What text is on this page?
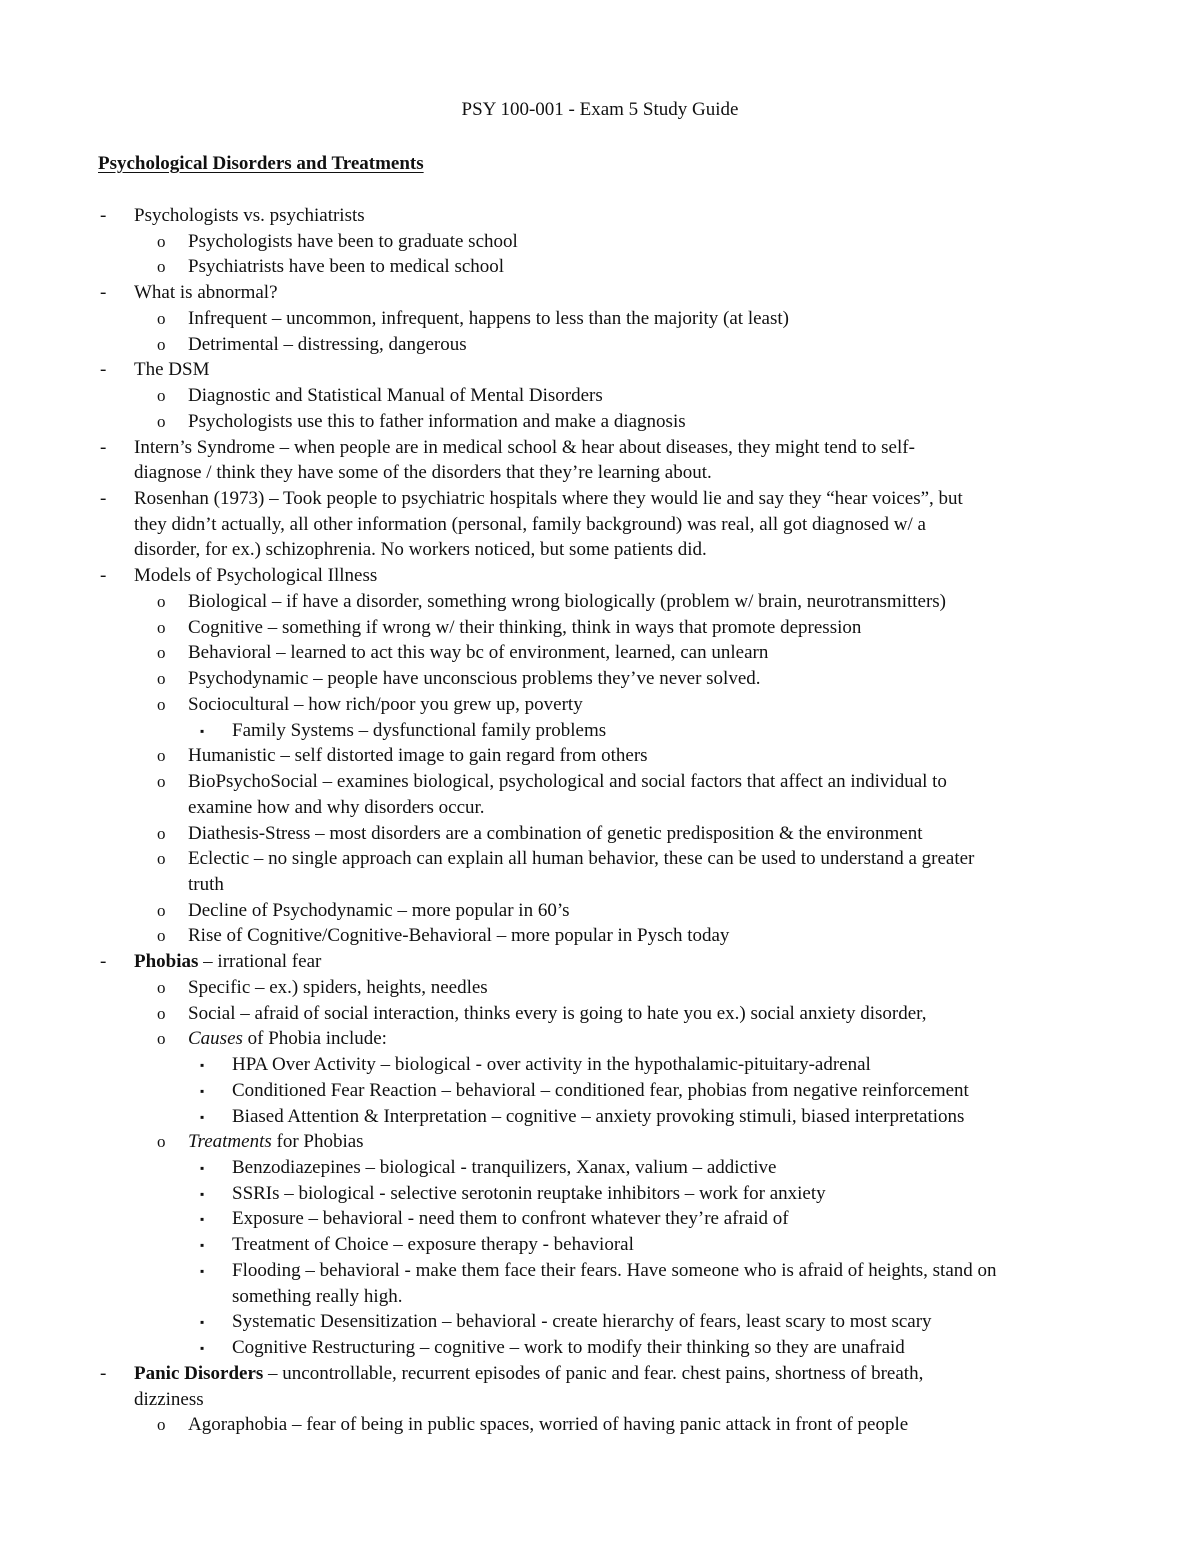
PSY 100-001 - Exam 5 Study Guide
Psychological Disorders and Treatments
- Psychologists vs. psychiatrists
o Psychologists have been to graduate school
o Psychiatrists have been to medical school
- What is abnormal?
o Infrequent – uncommon, infrequent, happens to less than the majority (at least)
o Detrimental – distressing, dangerous
- The DSM
o Diagnostic and Statistical Manual of Mental Disorders
o Psychologists use this to father information and make a diagnosis
- Intern’s Syndrome – when people are in medical school & hear about diseases, they might tend to self-
diagnose / think they have some of the disorders that they’re learning about.
- Rosenhan (1973) – Took people to psychiatric hospitals where they would lie and say they “hear voices”, but
they didn’t actually, all other information (personal, family background) was real, all got diagnosed w/ a
disorder, for ex.) schizophrenia. No workers noticed, but some patients did.
- Models of Psychological Illness
o Biological – if have a disorder, something wrong biologically (problem w/ brain, neurotransmitters)
o Cognitive – something if wrong w/ their thinking, think in ways that promote depression
o Behavioral – learned to act this way bc of environment, learned, can unlearn
o Psychodynamic – people have unconscious problems they’ve never solved.
o Sociocultural – how rich/poor you grew up, poverty
▪ Family Systems – dysfunctional family problems
o Humanistic – self distorted image to gain regard from others
o BioPsychoSocial – examines biological, psychological and social factors that affect an individual to
examine how and why disorders occur.
o Diathesis-Stress – most disorders are a combination of genetic predisposition & the environment
o Eclectic – no single approach can explain all human behavior, these can be used to understand a greater
truth
o Decline of Psychodynamic – more popular in 60’s
o Rise of Cognitive/Cognitive-Behavioral – more popular in Pysch today
- Phobias – irrational fear
o Specific – ex.) spiders, heights, needles
o Social – afraid of social interaction, thinks every is going to hate you ex.) social anxiety disorder,
o Causes of Phobia include:
▪ HPA Over Activity – biological - over activity in the hypothalamic-pituitary-adrenal
▪ Conditioned Fear Reaction – behavioral – conditioned fear, phobias from negative reinforcement
▪ Biased Attention & Interpretation – cognitive – anxiety provoking stimuli, biased interpretations
o Treatments for Phobias
▪ Benzodiazepines – biological - tranquilizers, Xanax, valium – addictive
▪ SSRIs – biological - selective serotonin reuptake inhibitors – work for anxiety
▪ Exposure – behavioral - need them to confront whatever they’re afraid of
▪ Treatment of Choice – exposure therapy - behavioral
▪ Flooding – behavioral - make them face their fears. Have someone who is afraid of heights, stand on
something really high.
▪ Systematic Desensitization – behavioral - create hierarchy of fears, least scary to most scary
▪ Cognitive Restructuring – cognitive – work to modify their thinking so they are unafraid
- Panic Disorders – uncontrollable, recurrent episodes of panic and fear. chest pains, shortness of breath,
dizziness
o Agoraphobia – fear of being in public spaces, worried of having panic attack in front of people
